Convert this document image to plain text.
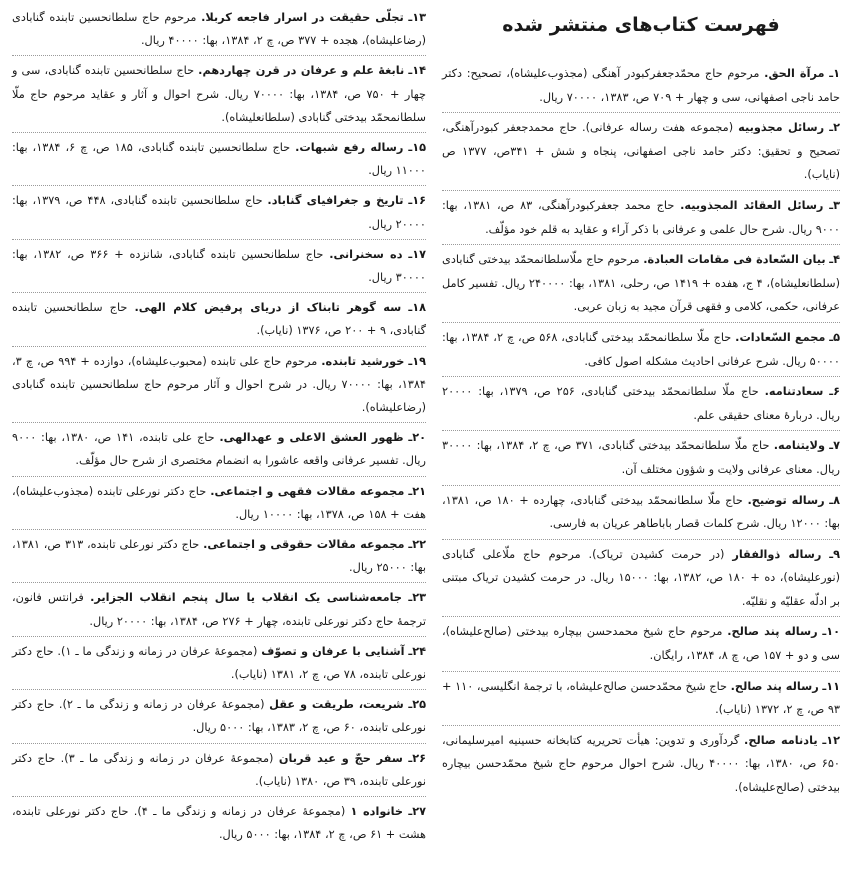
فهرست کتاب‌های منتشر شده
۱ـ مرآة الحق. مرحوم حاج محمّدجعفرکبودر آهنگی (مجذوب‌علیشاه)، تصحیح: دکتر حامد ناجی اصفهانی، سی و چهار + ۷۰۹ ص، ۱۳۸۳، ۷۰۰۰۰ ریال.
۲ـ رسائل مجذوبیه (مجموعه هفت رساله عرفانی). حاج محمدجعفر کبودرآهنگی، تصحیح و تحقیق: دکتر حامد ناجی اصفهانی، پنجاه و شش + ۳۴۱ص، ۱۳۷۷ ص (نایاب).
۳ـ رسائل العقائد المجذوبیه. حاج محمد جعفرکبودرآهنگی، ۸۳ ص، ۱۳۸۱، بها: ۹۰۰۰ ریال. شرح حال علمی و عرفانی با ذکر آراء و عقاید به قلم خود مؤلّف.
۴ـ بیان السّعادة فی مقامات العبادة. مرحوم حاج ملّاسلطانمحمّد بیدختی گنابادی (سلطانعلیشاه)، ۴ ج، هفده + ۱۴۱۹ ص، رحلی، ۱۳۸۱، بها: ۲۴۰۰۰۰ ریال. تفسیر کامل عرفانی، حکمی، کلامی و فقهی قرآن مجید به زبان عربی.
۵ـ مجمع السّعادات. حاج ملّا سلطانمحمّد بیدختی گنابادی، ۵۶۸ ص، چ ۲، ۱۳۸۴، بها: ۵۰۰۰۰ ریال. شرح عرفانی احادیث مشکله اصول کافی.
۶ـ سعادتنامه. حاج ملّا سلطانمحمّد بیدختی گنابادی، ۲۵۶ ص، ۱۳۷۹، بها: ۲۰۰۰۰ ریال. دربارهٔ معنای حقیقی علم.
۷ـ ولایتنامه. حاج ملّا سلطانمحمّد بیدختی گنابادی، ۳۷۱ ص، چ ۲، ۱۳۸۴، بها: ۳۰۰۰۰ ریال. معنای عرفانی ولایت و شؤون مختلف آن.
۸ـ رساله توضیح. حاج ملّا سلطانمحمّد بیدختی گنابادی، چهارده + ۱۸۰ ص، ۱۳۸۱، بها: ۱۲۰۰۰ ریال. شرح کلمات قصار باباطاهر عریان به فارسی.
۹ـ رساله ذوالفقار (در حرمت کشیدن تریاک). مرحوم حاج ملّاعلی گنابادی (نورعلیشاه)، ده + ۱۸۰ ص، ۱۳۸۲، بها: ۱۵۰۰۰ ریال. در حرمت کشیدن تریاک مبتنی بر ادلّه عقلیّه و نقلیّه.
۱۰ـ رساله پند صالح. مرحوم حاج شیخ محمدحسن بیچاره بیدختی (صالح‌علیشاه)، سی و دو + ۱۵۷ ص، چ ۸، ۱۳۸۴، رایگان.
۱۱ـ رساله پند صالح. حاج شیخ محمّدحسن صالح‌علیشاه، با ترجمهٔ انگلیسی، ۱۱۰ + ۹۳ ص، چ ۲، ۱۳۷۲ (نایاب).
۱۲ـ یادنامه صالح. گردآوری و تدوین: هیأت تحریریه کتابخانه حسینیه امیرسلیمانی، ۶۵۰ ص، ۱۳۸۰، بها: ۴۰۰۰۰ ریال. شرح احوال مرحوم حاج شیخ محمّدحسن بیچاره بیدختی (صالح‌علیشاه).
۱۳ـ تجلّی حقیقت در اسرار فاجعه کربلا. مرحوم حاج سلطانحسین تابنده گنابادی (رضاعلیشاه)، هجده + ۳۷۷ ص، چ ۲، ۱۳۸۴، بها: ۴۰۰۰۰ ریال.
۱۴ـ نابغهٔ علم و عرفان در قرن چهاردهم. حاج سلطانحسین تابنده گنابادی، سی و چهار + ۷۵۰ ص، ۱۳۸۴، بها: ۷۰۰۰۰ ریال. شرح احوال و آثار و عقاید مرحوم حاج ملّا سلطانمحمّد بیدختی گنابادی (سلطانعلیشاه).
۱۵ـ رساله رفع شبهات. حاج سلطانحسین تابنده گنابادی، ۱۸۵ ص، چ ۶، ۱۳۸۴، بها: ۱۱۰۰۰ ریال.
۱۶ـ تاریخ و جغرافیای گناباد. حاج سلطانحسین تابنده گنابادی، ۴۴۸ ص، ۱۳۷۹، بها: ۲۰۰۰۰ ریال.
۱۷ـ ده سخنرانی. حاج سلطانحسین تابنده گنابادی، شانزده + ۳۶۶ ص، ۱۳۸۲، بها: ۳۰۰۰۰ ریال.
۱۸ـ سه گوهر تابناک از دریای پرفیض کلام الهی. حاج سلطانحسین تابنده گنابادی، ۹ + ۲۰۰ ص، ۱۳۷۶ (نایاب).
۱۹ـ خورشید تابنده. مرحوم حاج علی تابنده (محبوب‌علیشاه)، دوازده + ۹۹۴ ص، چ ۳، ۱۳۸۴، بها: ۷۰۰۰۰ ریال. در شرح احوال و آثار مرحوم حاج سلطانحسین تابنده گنابادی (رضاعلیشاه).
۲۰ـ ظهور العشق الاعلی و عهدالهی. حاج علی تابنده، ۱۴۱ ص، ۱۳۸۰، بها: ۹۰۰۰ ریال. تفسیر عرفانی واقعه عاشورا به انضمام مختصری از شرح حال مؤلّف.
۲۱ـ مجموعه مقالات فقهی و اجتماعی. حاج دکتر نورعلی تابنده (مجذوب‌علیشاه)، هفت + ۱۵۸ ص، ۱۳۷۸، بها: ۱۰۰۰۰ ریال.
۲۲ـ مجموعه مقالات حقوقی و اجتماعی. حاج دکتر نورعلی تابنده، ۳۱۳ ص، ۱۳۸۱، بها: ۲۵۰۰۰ ریال.
۲۳ـ جامعه‌شناسی یک انقلاب یا سال پنجم انقلاب الجزایر. فرانتس فانون، ترجمهٔ حاج دکتر نورعلی تابنده، چهار + ۲۷۶ ص، ۱۳۸۴، بها: ۲۰۰۰۰ ریال.
۲۴ـ آشنایی با عرفان و تصوّف (مجموعهٔ عرفان در زمانه و زندگی ما ـ ۱). حاج دکتر نورعلی تابنده، ۷۸ ص، چ ۲، ۱۳۸۱ (نایاب).
۲۵ـ شریعت، طریقت و عقل (مجموعهٔ عرفان در زمانه و زندگی ما ـ ۲). حاج دکتر نورعلی تابنده، ۶۰ ص، چ ۲، ۱۳۸۳، بها: ۵۰۰۰ ریال.
۲۶ـ سفر حجّ و عید قربان (مجموعهٔ عرفان در زمانه و زندگی ما ـ ۳). حاج دکتر نورعلی تابنده، ۳۹ ص، ۱۳۸۰ (نایاب).
۲۷ـ خانواده ۱ (مجموعهٔ عرفان در زمانه و زندگی ما ـ ۴). حاج دکتر نورعلی تابنده، هشت + ۶۱ ص، چ ۲، ۱۳۸۴، بها: ۵۰۰۰ ریال.
